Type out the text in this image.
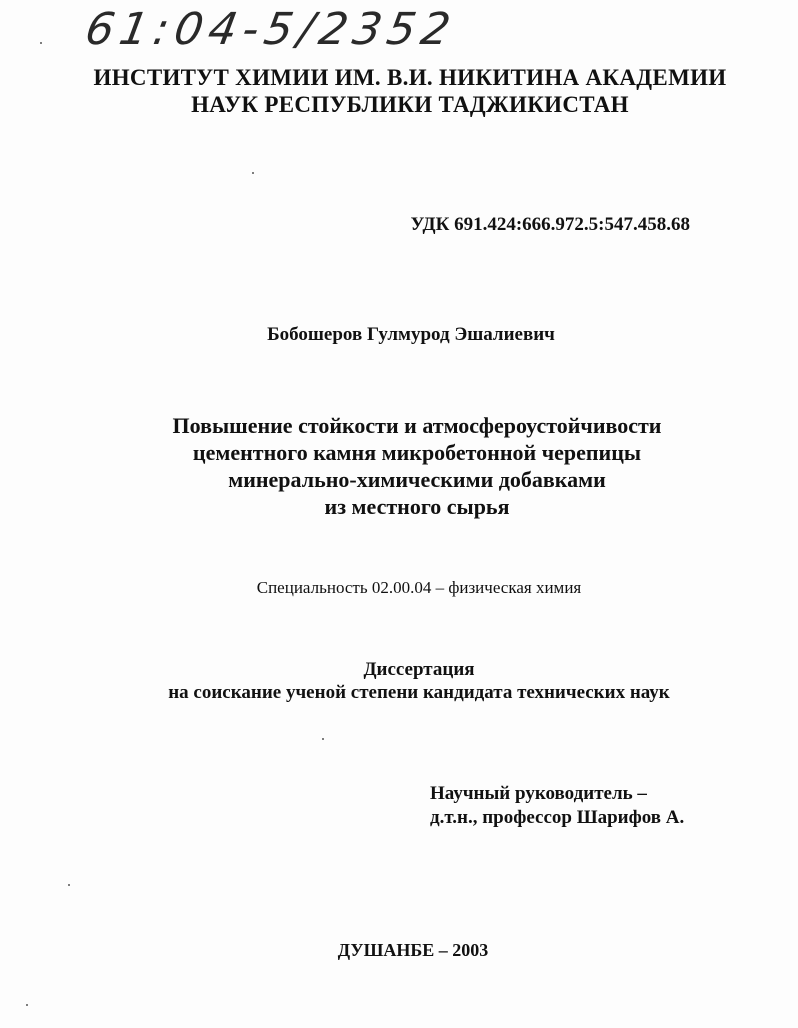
61:04-5/2352
ИНСТИТУТ ХИМИИ ИМ. В.И. НИКИТИНА АКАДЕМИИ
НАУК РЕСПУБЛИКИ ТАДЖИКИСТАН
УДК 691.424:666.972.5:547.458.68
Бобошеров Гулмурод Эшалиевич
Повышение стойкости и атмосфероустойчивости
цементного камня микробетонной черепицы
минерально-химическими добавками
из местного сырья
Специальность 02.00.04 – физическая химия
Диссертация
на соискание ученой степени кандидата технических наук
Научный руководитель –
д.т.н., профессор Шарифов А.
ДУШАНБЕ – 2003
